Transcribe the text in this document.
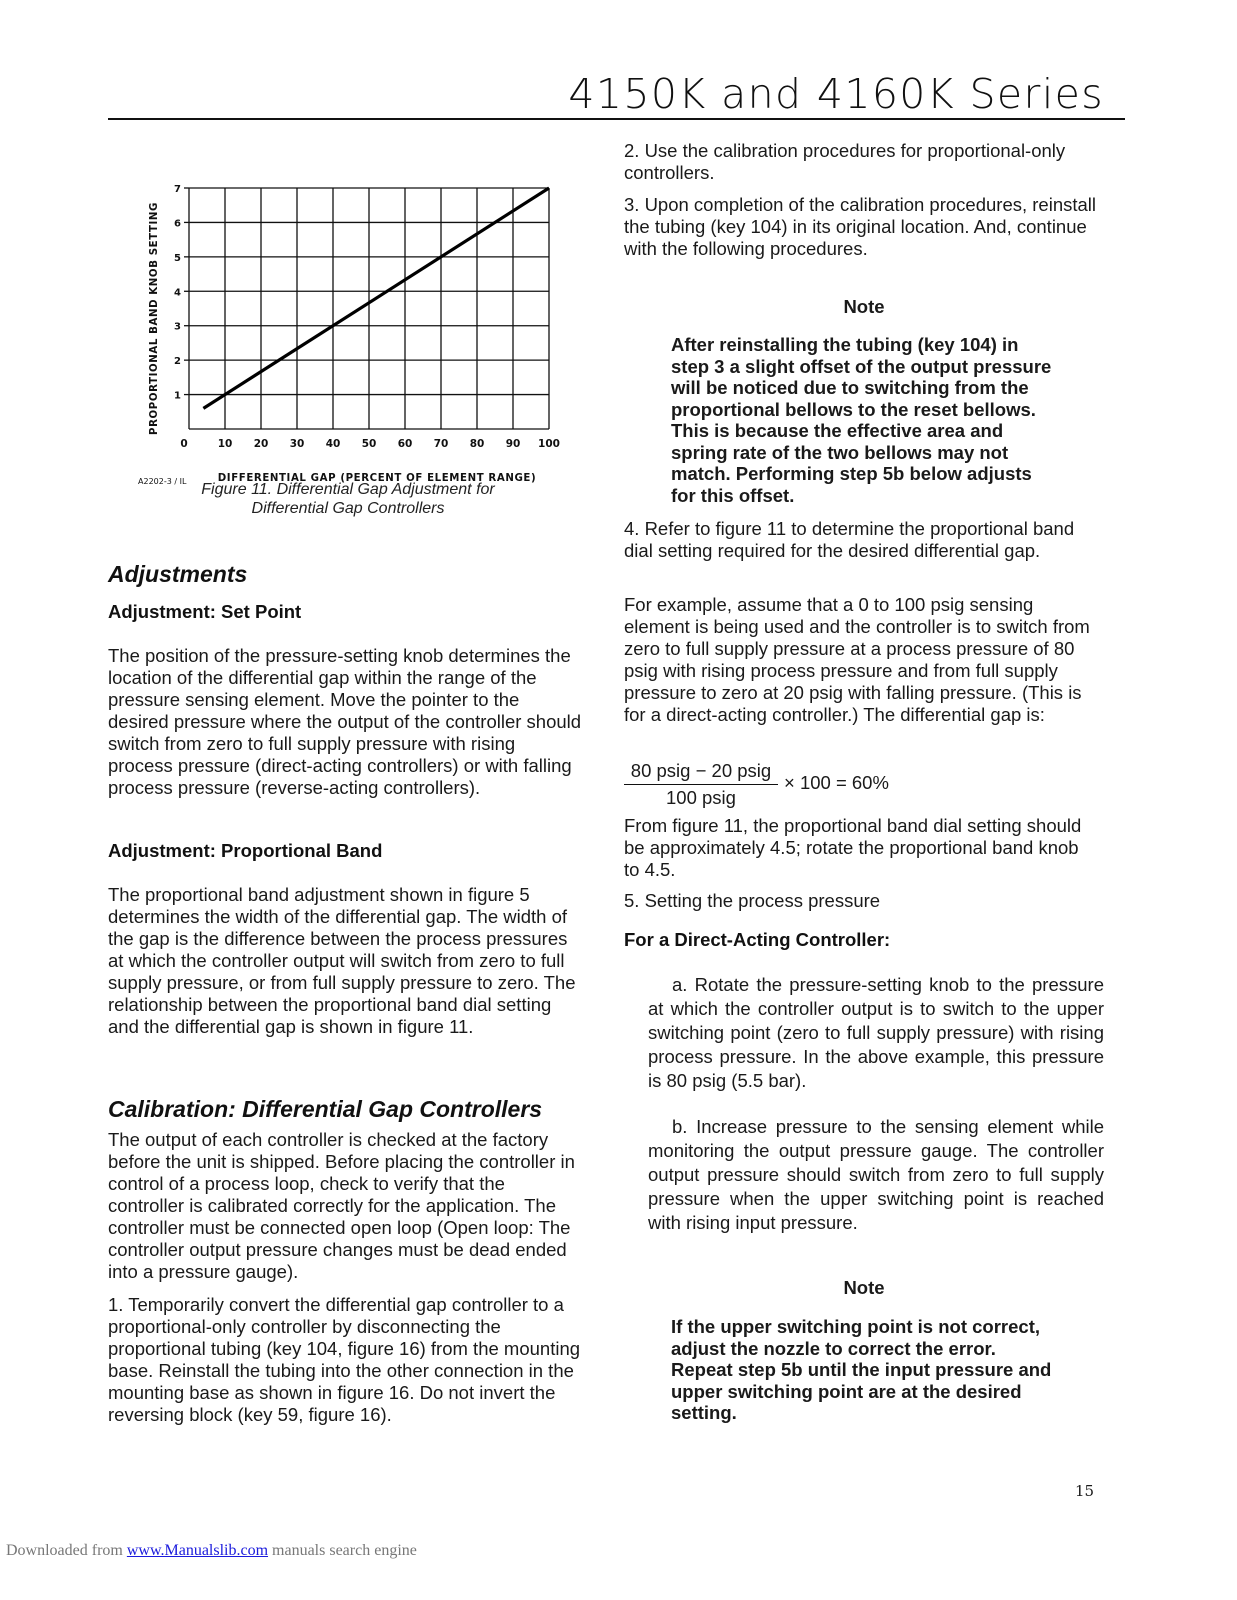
4150K and 4160K Series
1
2
3
4
5
6
7
0	10 20 30 40 50 60 70 80 90 100
DIFFERENTIAL GAP (PERCENT OF ELEMENT RANGE)
PROPORTIONAL BAND KNOB SETTING
A2202-3 / IL Figure 11. Differential Gap Adjustment for
Differential Gap Controllers
Adjustments
Adjustment: Set Point

The position of the pressure-setting knob determines the location of the differential gap within the range of the pressure sensing element. Move the pointer to the desired pressure where the output of the controller should switch from zero to full supply pressure with rising process pressure (direct-acting controllers) or with falling process pressure (reverse-acting controllers).

Adjustment: Proportional Band

The proportional band adjustment shown in figure 5 determines the width of the differential gap. The width of the gap is the difference between the process pressures at which the controller output will switch from zero to full supply pressure, or from full supply pressure to zero. The relationship between the proportional band dial setting and the differential gap is shown in figure 11.

Calibration: Differential Gap Controllers

The output of each controller is checked at the factory before the unit is shipped. Before placing the controller in control of a process loop, check to verify that the controller is calibrated correctly for the application. The controller must be connected open loop (Open loop: The controller output pressure changes must be dead ended into a pressure gauge).

1. Temporarily convert the differential gap controller to a proportional-only controller by disconnecting the proportional tubing (key 104, figure 16) from the mounting base. Reinstall the tubing into the other connection in the mounting base as shown in figure 16. Do not invert the reversing block (key 59, figure 16).

2. Use the calibration procedures for proportional-only controllers.

3. Upon completion of the calibration procedures, reinstall the tubing (key 104) in its original location. And, continue with the following procedures.

Note
After reinstalling the tubing (key 104) in step 3 a slight offset of the output pressure will be noticed due to switching from the proportional bellows to the reset bellows. This is because the effective area and spring rate of the two bellows may not match. Performing step 5b below adjusts for this offset.

4. Refer to figure 11 to determine the proportional band dial setting required for the desired differential gap.

For example, assume that a 0 to 100 psig sensing element is being used and the controller is to switch from zero to full supply pressure at a process pressure of 80 psig with rising process pressure and from full supply pressure to zero at 20 psig with falling pressure. (This is for a direct-acting controller.) The differential gap is:

80 psig − 20 psig
100 psig
× 100 = 60%

From figure 11, the proportional band dial setting should be approximately 4.5; rotate the proportional band knob to 4.5.

5. Setting the process pressure

For a Direct-Acting Controller:
a. Rotate the pressure-setting knob to the pressure at which the controller output is to switch to the upper switching point (zero to full supply pressure) with rising process pressure. In the above example, this pressure is 80 psig (5.5 bar).
b. Increase pressure to the sensing element while monitoring the output pressure gauge. The controller output pressure should switch from zero to full supply pressure when the upper switching point is reached with rising input pressure.
Note
If the upper switching point is not correct, adjust the nozzle to correct the error. Repeat step 5b until the input pressure and upper switching point are at the desired setting.
15
Downloaded from www.Manualslib.com manuals search engine
